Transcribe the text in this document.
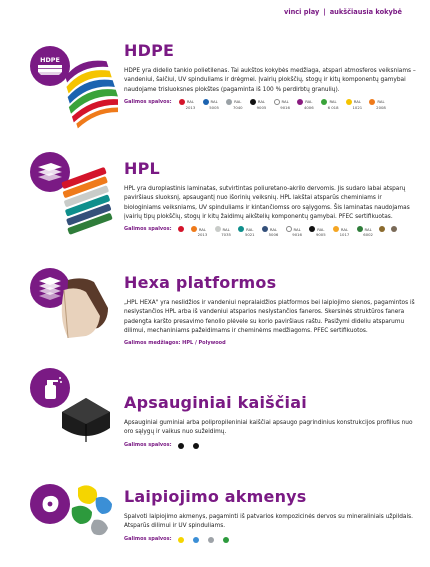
vinci play | aukščiausia kokybė
HDPE	HDPE

HDPE yra didelio tankio polietilenas. Tai aukštos kokybės medžiaga, atspari atmosferos veiksniams – vandeniui, šalčiui, UV spinduliams ir drėgmei. Įvairių plokščių, stogų ir kitų komponentų gamybai naudojame trisluoksnes plokštes (pagaminta iš 100 % perdirbtų granulių).

Galimos spalvos:	RAL
2013
RAL
5005
RAL
7040
RAL
9005
RAL
9016
RAL
4006
RAL
6 018
RAL
1021
RAL
2008
HPL

HPL yra duroplastinis laminatas, sutvirtintas poliuretano-akrilo dervomis. Jis sudaro labai atsparų paviršiaus sluoksnį, apsaugantį nuo išorinių veiksnių. HPL lakštai atsparūs cheminiams ir biologiniams veiksniams, UV spinduliams ir kintančiomss oro sąlygoms. Šis laminatas naudojamas įvairių tipų plokščių, stogų ir kitų žaidimų aikštelių komponentų gamybai. PFEC sertifikuotas.

Galimos spalvos:	RAL
2013
RAL
7035
RAL
5021
RAL
5006
RAL
9016
RAL
9005
RAL
1017
RAL
6002
Hexa platformos

„HPL HEXA" yra neslidžios ir vandeniui nepralaidžios platformos bei laipiojimo sienos, pagamintos iš neslystančios HPL arba iš vandeniui atsparios neslystančios faneros. Skersinės struktūros fanera padengta karšto presavimo fenolio plėvele su korio paviršiaus raštu. Pasižymi dideliu atsparumu dilimui, mechaniniams pažeidimams ir cheminėms medžiagoms. PFEC sertifikuotos.

Galimos medžiagos: HPL / Polywood
Apsauginiai kaiščiai

Apsauginiai guminiai arba polipropileniniai kaiščiai apsaugo pagrindinius konstrukcijos profilius nuo oro sąlygų ir vaikus nuo sužeidimų.

Galimos spalvos:
Laipiojimo akmenys

Spalvoti laipiojimo akmenys, pagaminti iš patvarios kompozicinės dervos su mineraliniais užpildais. Atsparūs dilimui ir UV spinduliams.

Galimos spalvos:
